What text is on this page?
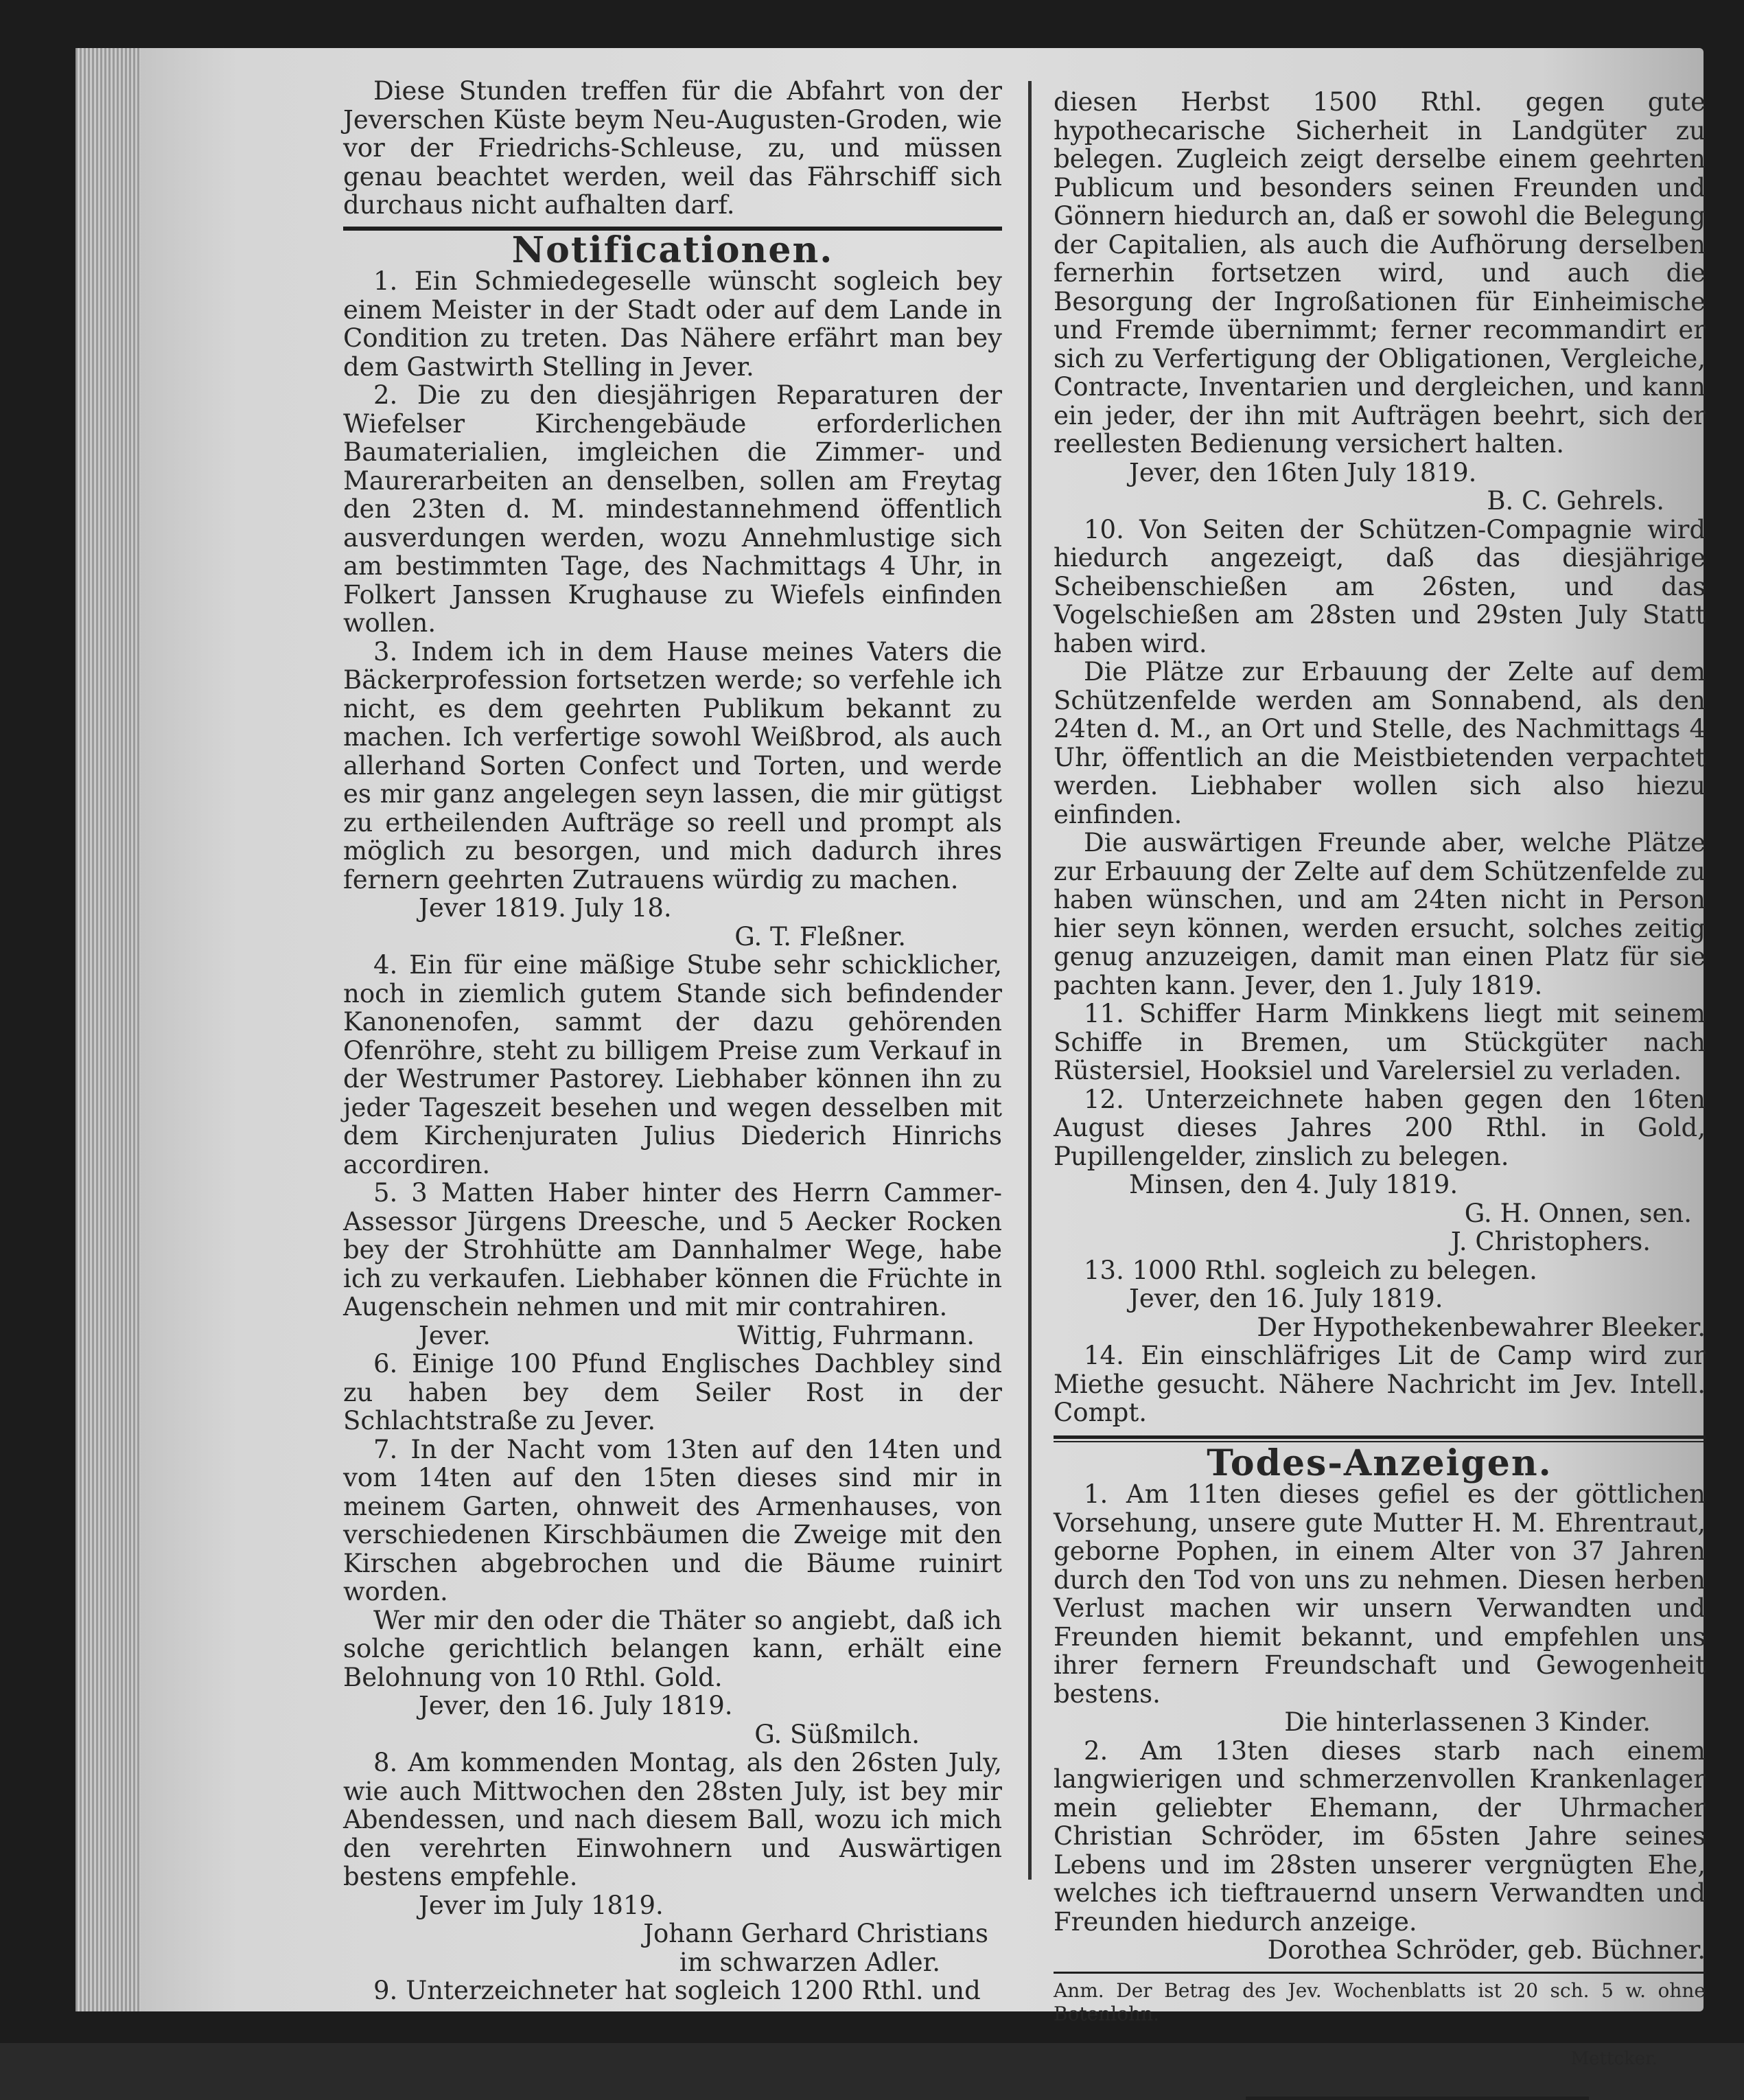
Diese Stunden treffen für die Abfahrt von der Jeverschen Küste beym Neu-Augusten-Groden, wie vor der Friedrichs-Schleuse, zu, und müssen genau beachtet werden, weil das Fährschiff sich durchaus nicht aufhalten darf.

Notificationen.

1. Ein Schmiedegeselle wünscht sogleich bey einem Meister in der Stadt oder auf dem Lande in Condition zu treten. Das Nähere erfährt man bey dem Gastwirth Stelling in Jever.

2. Die zu den diesjährigen Reparaturen der Wiefelser Kirchengebäude erforderlichen Baumaterialien, imgleichen die Zimmer- und Maurerarbeiten an denselben, sollen am Freytag den 23ten d. M. mindestannehmend öffentlich ausverdungen werden, wozu Annehmlustige sich am bestimmten Tage, des Nachmittags 4 Uhr, in Folkert Janssen Krughause zu Wiefels einfinden wollen.

3. Indem ich in dem Hause meines Vaters die Bäckerprofession fortsetzen werde; so verfehle ich nicht, es dem geehrten Publikum bekannt zu machen. Ich verfertige sowohl Weißbrod, als auch allerhand Sorten Confect und Torten, und werde es mir ganz angelegen seyn lassen, die mir gütigst zu ertheilenden Aufträge so reell und prompt als möglich zu besorgen, und mich dadurch ihres fernern geehrten Zutrauens würdig zu machen.

Jever 1819. July 18.

G. T. Fleßner.

4. Ein für eine mäßige Stube sehr schicklicher, noch in ziemlich gutem Stande sich befindender Kanonenofen, sammt der dazu gehörenden Ofenröhre, steht zu billigem Preise zum Verkauf in der Westrumer Pastorey. Liebhaber können ihn zu jeder Tageszeit besehen und wegen desselben mit dem Kirchenjuraten Julius Diederich Hinrichs accordiren.

5. 3 Matten Haber hinter des Herrn Cammer-Assessor Jürgens Dreesche, und 5 Aecker Rocken bey der Strohhütte am Dannhalmer Wege, habe ich zu verkaufen. Liebhaber können die Früchte in Augenschein nehmen und mit mir contrahiren.

Jever.	Wittig, Fuhrmann.

6. Einige 100 Pfund Englisches Dachbley sind zu haben bey dem Seiler Rost in der Schlachtstraße zu Jever.

7. In der Nacht vom 13ten auf den 14ten und vom 14ten auf den 15ten dieses sind mir in meinem Garten, ohnweit des Armenhauses, von verschiedenen Kirschbäumen die Zweige mit den Kirschen abgebrochen und die Bäume ruinirt worden.

Wer mir den oder die Thäter so angiebt, daß ich solche gerichtlich belangen kann, erhält eine Belohnung von 10 Rthl. Gold.

Jever, den 16. July 1819.

G. Süßmilch.

8. Am kommenden Montag, als den 26sten July, wie auch Mittwochen den 28sten July, ist bey mir Abendessen, und nach diesem Ball, wozu ich mich den verehrten Einwohnern und Auswärtigen bestens empfehle.

Jever im July 1819.

Johann Gerhard Christians

im schwarzen Adler.

9. Unterzeichneter hat sogleich 1200 Rthl. und

diesen Herbst 1500 Rthl. gegen gute hypothecarische Sicherheit in Landgüter zu belegen. Zugleich zeigt derselbe einem geehrten Publicum und besonders seinen Freunden und Gönnern hiedurch an, daß er sowohl die Belegung der Capitalien, als auch die Aufhörung derselben fernerhin fortsetzen wird, und auch die Besorgung der Ingroßationen für Einheimische und Fremde übernimmt; ferner recommandirt er sich zu Verfertigung der Obligationen, Vergleiche, Contracte, Inventarien und dergleichen, und kann ein jeder, der ihn mit Aufträgen beehrt, sich der reellesten Bedienung versichert halten.

Jever, den 16ten July 1819.

B. C. Gehrels.

10. Von Seiten der Schützen-Compagnie wird hiedurch angezeigt, daß das diesjährige Scheibenschießen am 26sten, und das Vogelschießen am 28sten und 29sten July Statt haben wird.

Die Plätze zur Erbauung der Zelte auf dem Schützenfelde werden am Sonnabend, als den 24ten d. M., an Ort und Stelle, des Nachmittags 4 Uhr, öffentlich an die Meistbietenden verpachtet werden. Liebhaber wollen sich also hiezu einfinden.

Die auswärtigen Freunde aber, welche Plätze zur Erbauung der Zelte auf dem Schützenfelde zu haben wünschen, und am 24ten nicht in Person hier seyn können, werden ersucht, solches zeitig genug anzuzeigen, damit man einen Platz für sie pachten kann. Jever, den 1. July 1819.

11. Schiffer Harm Minkkens liegt mit seinem Schiffe in Bremen, um Stückgüter nach Rüstersiel, Hooksiel und Varelersiel zu verladen.

12. Unterzeichnete haben gegen den 16ten August dieses Jahres 200 Rthl. in Gold, Pupillengelder, zinslich zu belegen.

Minsen, den 4. July 1819.

G. H. Onnen, sen.

J. Christophers.

13. 1000 Rthl. sogleich zu belegen.

Jever, den 16. July 1819.

Der Hypothekenbewahrer Bleeker.

14. Ein einschläfriges Lit de Camp wird zur Miethe gesucht. Nähere Nachricht im Jev. Intell. Compt.

Todes-Anzeigen.

1. Am 11ten dieses gefiel es der göttlichen Vorsehung, unsere gute Mutter H. M. Ehrentraut, geborne Pophen, in einem Alter von 37 Jahren durch den Tod von uns zu nehmen. Diesen herben Verlust machen wir unsern Verwandten und Freunden hiemit bekannt, und empfehlen uns ihrer fernern Freundschaft und Gewogenheit bestens.

Die hinterlassenen 3 Kinder.

2. Am 13ten dieses starb nach einem langwierigen und schmerzenvollen Krankenlager mein geliebter Ehemann, der Uhrmacher Christian Schröder, im 65sten Jahre seines Lebens und im 28sten unserer vergnügten Ehe, welches ich tieftrauernd unsern Verwandten und Freunden hiedurch anzeige.

Dorothea Schröder, geb. Büchner.

Anm. Der Betrag des Jev. Wochenblatts ist 20 sch. 5 w. ohne Botenlohn.

Mettcker.
